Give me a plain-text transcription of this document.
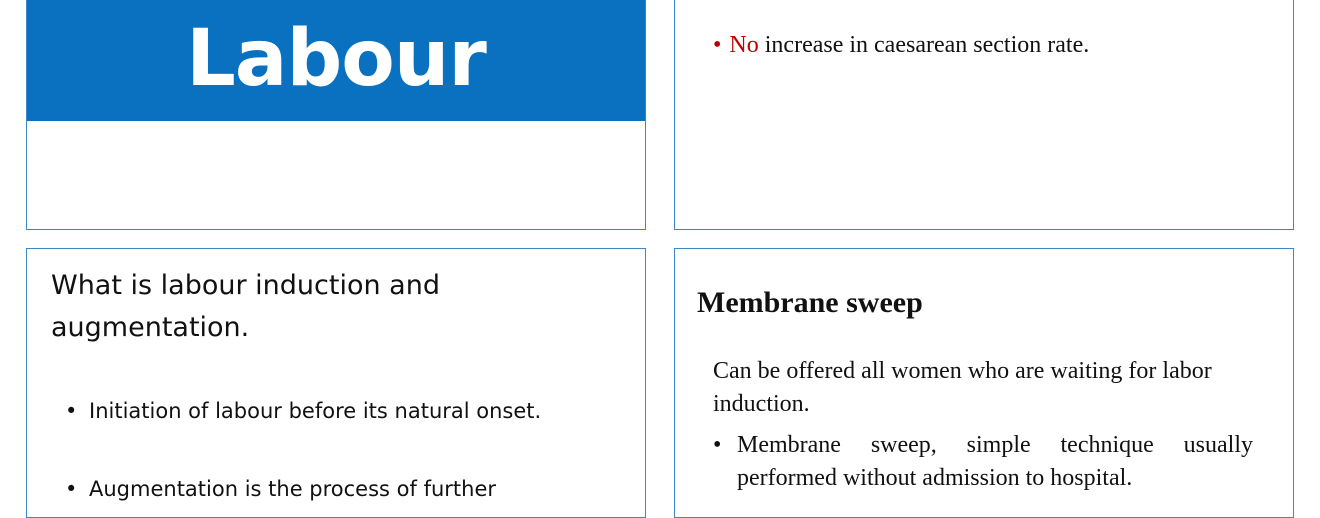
Labour	• No increase in caesarean section rate.
What is labour induction and augmentation.
• Initiation of labour before its natural onset.
• Augmentation is the process of further
Membrane sweep
Can be offered all women who are waiting for labor induction.
• Membrane sweep, simple technique usually performed without admission to hospital.
